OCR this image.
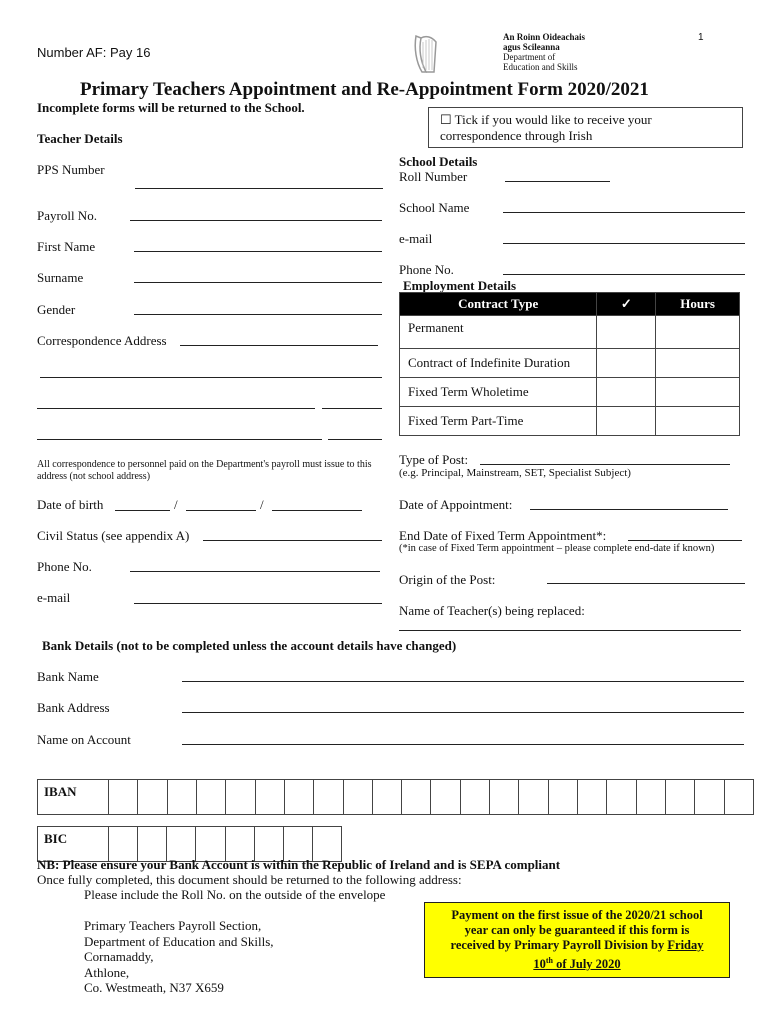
Number AF: Pay 16
1
An Roinn Oideachais
agus Scileanna
Department of
Education and Skills
Primary Teachers Appointment and Re-Appointment Form 2020/2021
Incomplete forms will be returned to the School.
☐ Tick if you would like to receive your
correspondence through Irish
Teacher Details
PPS Number
Payroll No.
First Name
Surname
Gender
Correspondence Address
All correspondence to personnel paid on the Department's payroll must issue to this
address (not school address)
Date of birth	/	/
Civil Status (see appendix A)
Phone No.
e-mail
School Details
Roll Number
School Name
e-mail
Phone No.
Employment Details
Contract Type	✓	Hours
Permanent		
Contract of Indefinite Duration		
Fixed Term Wholetime		
Fixed Term Part-Time		
Type of Post:
(e.g. Principal, Mainstream, SET, Specialist Subject)
Date of Appointment:
End Date of Fixed Term Appointment*:
(*in case of Fixed Term appointment – please complete end-date if known)
Origin of the Post:
Name of Teacher(s) being replaced:
Bank Details (not to be completed unless the account details have changed)
Bank Name
Bank Address
Name on Account
IBAN																						
BIC								
NB: Please ensure your Bank Account is within the Republic of Ireland and is SEPA compliant
Once fully completed, this document should be returned to the following address:
Please include the Roll No. on the outside of the envelope
Primary Teachers Payroll Section,
Department of Education and Skills,
Cornamaddy,
Athlone,
Co. Westmeath, N37 X659
Payment on the first issue of the 2020/21 school
year can only be guaranteed if this form is
received by Primary Payroll Division by Friday
10th of July 2020
